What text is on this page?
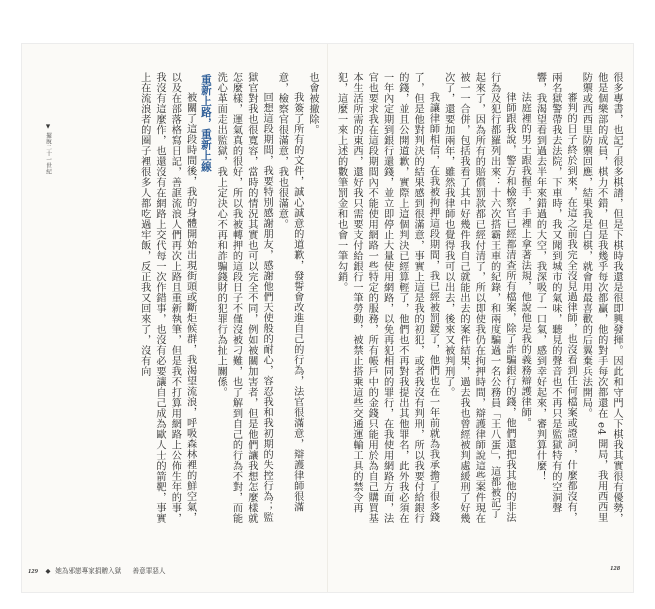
▼ 擺脫二十一世紀

也會被撤除。

我簽了所有的文件，誠心誠意的道歉，發誓會改進自己的行為，法官很滿意，辯護律師很滿意，檢察官很滿意，我也很滿意。

回想這段期間，我要特別感謝朋友，感謝他們天使般的耐心，容忍我和我初期的失控行為；監獄官對我也很寬容，當時的情況其實也可以完全不同，例如被關加害者，但是他們讓我想怎麼樣就怎麼樣，運氣真的很好，所以我被轉押的這段日子不僅沒被刁難，也了解到自己的行為不對，而能洗心革面走出監獄，我上定決心不再和詐騙錢財的犯罪行為扯上關係。

重新上路，重新上線

被關了這段時間後，我的身體開始出現街頭或斷炬候群，我渴望流浪，呼吸森林裡的鮮空氣，以及在部落格寫日記，善誆流浪人們再次上路且重新執筆，但是我不打算用網路上公佈生年的事，我沒有這麼作，也還沒有在網路上交代每一次作錯事，也沒有必要讓自己成為歐人士的箭靶，事實上在流浪者的圈子裡很多人都吃過牢飯，反正我又回來了，沒有向

129 ◆ 她為邪戀專家捐贈入獄 善意罪惡人

很多專書，也記了很多棋譜，但是下棋時我還是很即興發揮。因此和守門人下棋我其實很有優勢，他是個樂部的成員，棋力不錯，但是我幾乎每次都贏，他的對手每次都還在 e4 開局，我用西西里防禦或西西里防禦回應，結果我是白棋，就會用最喜歡的后翼棄兵法開局。

審判的日子終於到來，在這之前我完全沒見過律師，也沒看到任何檔案或證詞，什麼都沒有，兩名獄警帶我去法院，下車時，我又聞到城市的氣味，聽見的聲音也不再只是監獄特有的空洞聲響，我渴望看到過去半年來錯過的大空，我深吸了一口氣，感到幸好起來，審判算什麼！

法庭裡的男士跟我握手，手裡上拿著法規，他說他是我的義務辯護律師。

律師跟我說，警方和檢察官已經都清查所有檔案，除了詐騙銀行的錢，他們還把我其他的非法行為及犯行都羅列出來：十六次搭霸王車的紀錄，和兩度騙過一名公務員「王八蛋」，這都被記了起來了，因為所有的賠償罰款都已經付清了，所以即使我仍在拘押時間，辯護律師說這些案件現在被一一合併，包括我看了其中好幾件我自己就能出去的案件結果，過去我也曾經被判處緩刑了好幾次了，還要加兩年，雖然我律師也覺得我可以出去，後來又被判刑了。

我讓律師相信，在我被拘押這段期間，我已經被罰鍰了，他們也在一年前就為我承擔了很多錢了，但是他對判決的結果感到很滿意，事實上這是我的初犯，或者我沒有判刑，所以我要付給銀行的錢，並且公開道歉，實際上這個判決已經算輕了，他們也不再對我提出其他罪名，此外我必須在一年內定期到銀行還錢，並立即停止大量使用網路，以免再犯相同的罪行，在我使用網路方面，法官也要求我在這段期間內不能使用網路一些特定的服務，所有帳戶中的金錢只能用於為自己購買基本生活所需的東西，還好我只需要支付給銀行一筆勞動，被禁止搭乘這些交通運輸工具的禁令再犯，這麼一來上述的數筆罰金和也會一筆勾銷。

128
